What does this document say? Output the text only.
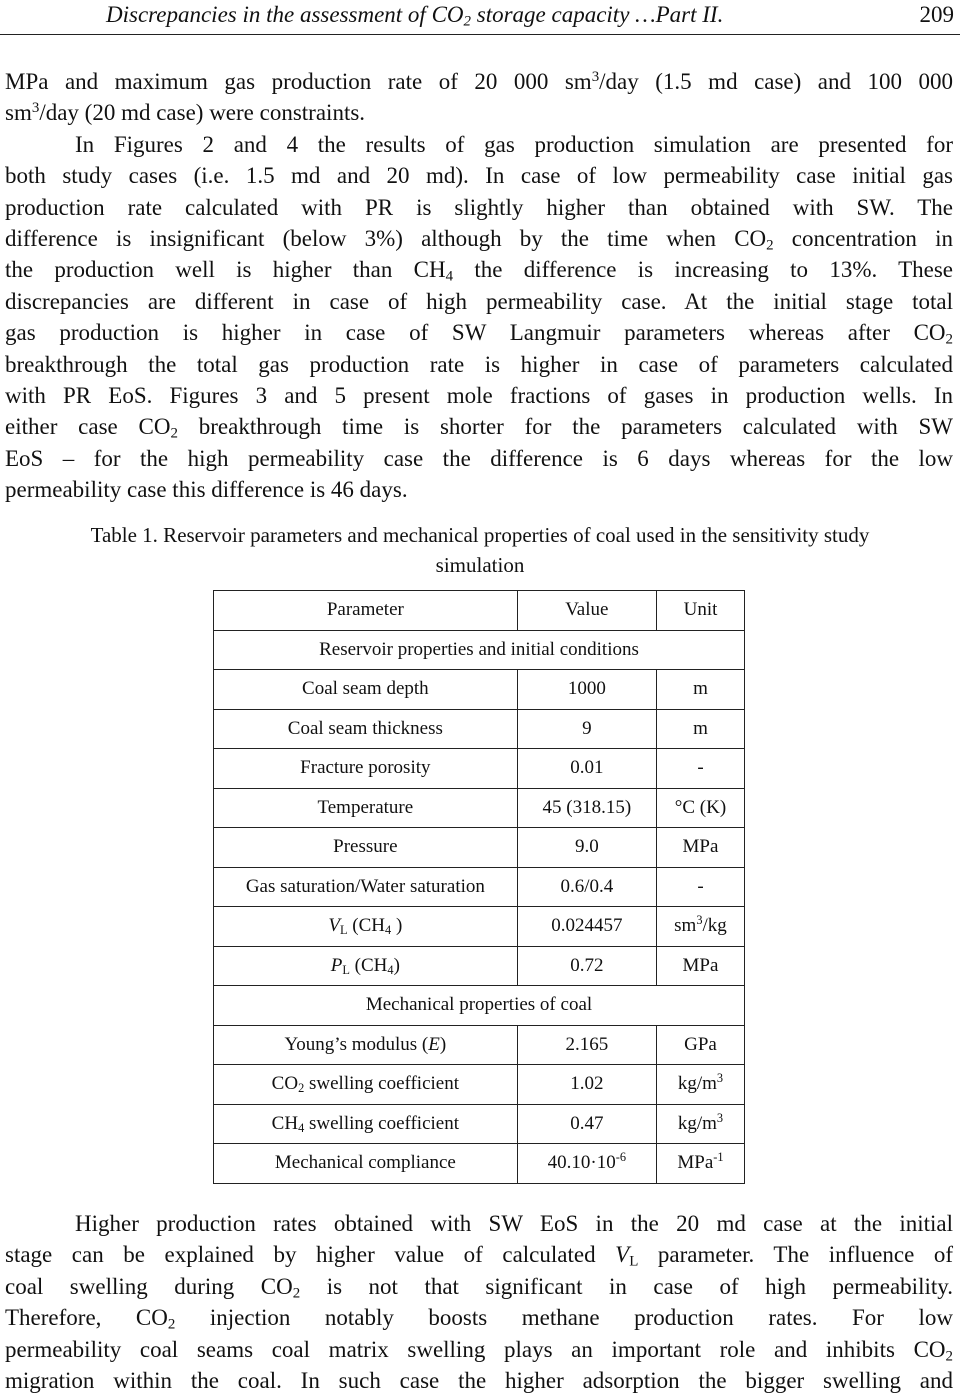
Discrepancies in the assessment of $CO_2$ storage capacity …Part II.	209
MPa and maximum gas production rate of 20 000 $sm^3$/day (1.5 md case) and 100 000
$sm^3$/day (20 md case) were constraints.
In Figures 2 and 4 the results of gas production simulation are presented for
both study cases (i.e. 1.5 md and 20 md). In case of low permeability case initial gas
production rate calculated with PR is slightly higher than obtained with SW. The
difference is insignificant (below 3%) although by the time when $CO_2$ concentration in
the production well is higher than $CH_4$ the difference is increasing to 13%. These
discrepancies are different in case of high permeability case. At the initial stage total
gas production is higher in case of SW Langmuir parameters whereas after $CO_2$
breakthrough the total gas production rate is higher in case of parameters calculated
with PR EoS. Figures 3 and 5 present mole fractions of gases in production wells. In
either case $CO_2$ breakthrough time is shorter for the parameters calculated with SW
EoS – for the high permeability case the difference is 6 days whereas for the low
permeability case this difference is 46 days.
Table 1. Reservoir parameters and mechanical properties of coal used in the sensitivity study
simulation
Parameter	Value	Unit
Reservoir properties and initial conditions		
Coal seam depth	1000	m
Coal seam thickness	9	m
Fracture porosity	0.01	-
Temperature	45 (318.15)	°C (K)
Pressure	9.0	MPa
Gas saturation/Water saturation	0.6/0.4	-
$V_L$ ($CH_4$ )	0.024457	$sm^3/kg$
$P_L$ $(CH_4)$	0.72	MPa
Mechanical properties of coal		
Young’s modulus (E)	2.165	GPa
$CO_2$ swelling coefficient	1.02	$kg/m^3$
$CH_4$ swelling coefficient	0.47	$kg/m^3$
Mechanical compliance	$40.10\cdot 10^{-6}$	MPa$^{-1}$
Higher production rates obtained with SW EoS in the 20 md case at the initial
stage can be explained by higher value of calculated $V_L$ parameter. The influence of
coal swelling during $CO_2$ is not that significant in case of high permeability.
Therefore, $CO_2$ injection notably boosts methane production rates. For low
permeability coal seams coal matrix swelling plays an important role and inhibits $CO_2$
migration within the coal. In such case the higher adsorption the bigger swelling and
